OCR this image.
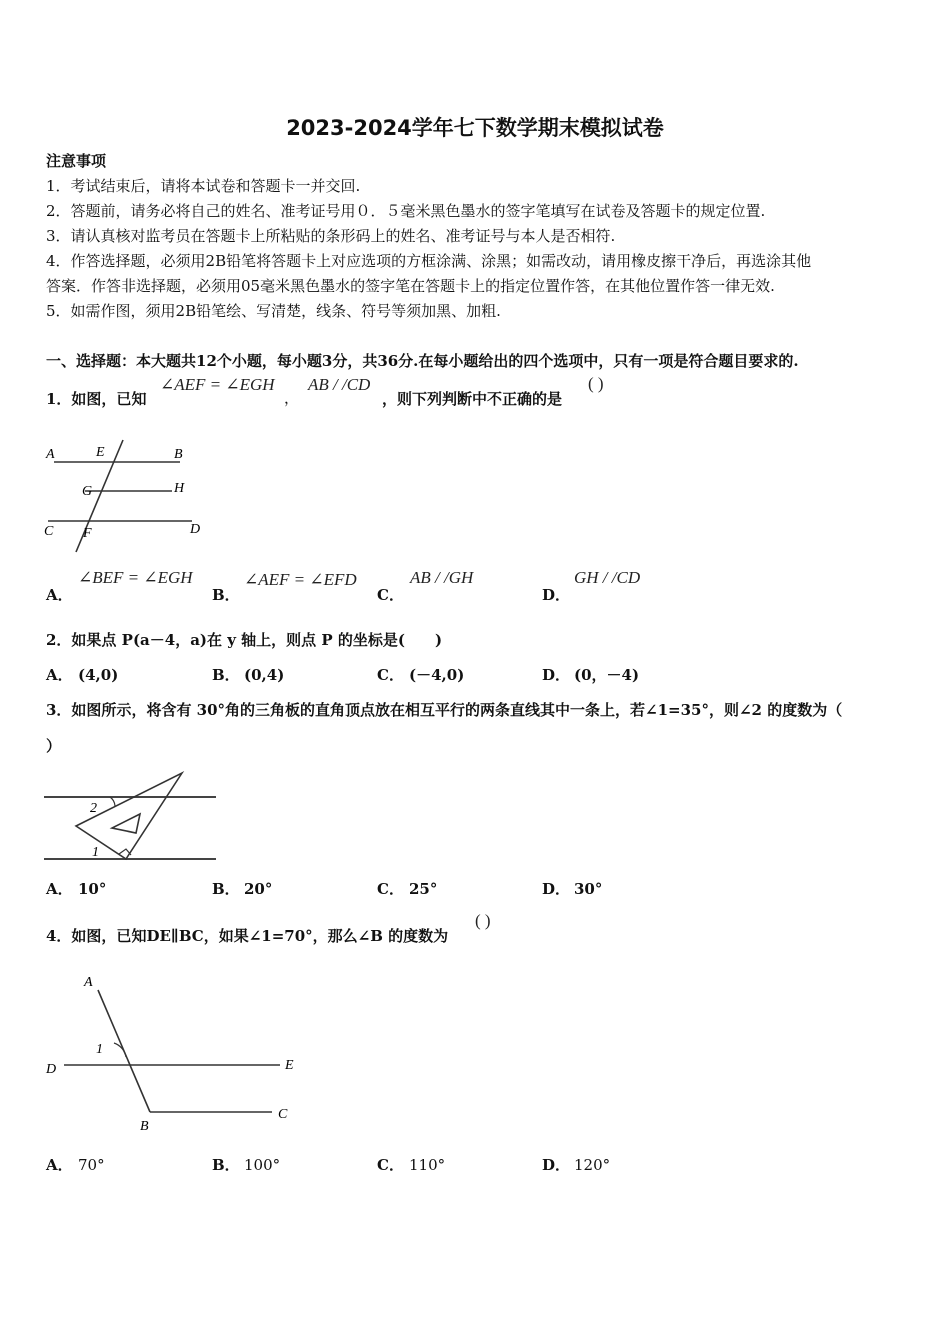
2023-2024学年七下数学期末模拟试卷
注意事项
1．考试结束后，请将本试卷和答题卡一并交回.
2．答题前，请务必将自己的姓名、准考证号用０．５毫米黑色墨水的签字笔填写在试卷及答题卡的规定位置.
3．请认真核对监考员在答题卡上所粘贴的条形码上的姓名、准考证号与本人是否相符.
4．作答选择题，必须用2B铅笔将答题卡上对应选项的方框涂满、涂黑；如需改动，请用橡皮擦干净后，再选涂其他
答案．作答非选择题，必须用05毫米黑色墨水的签字笔在答题卡上的指定位置作答，在其他位置作答一律无效.
5．如需作图，须用2B铅笔绘、写清楚，线条、符号等须加黑、加粗.
一、选择题：本大题共12个小题，每小题3分，共36分.在每小题给出的四个选项中，只有一项是符合题目要求的.
1．如图，已知
∠AEF = ∠EGH
，
AB / /CD
，则下列判断中不正确的是
( )
A	E	B
G	H
C F	D
A．
∠BEF = ∠EGH
B．
∠AEF = ∠EFD
C．
AB / /GH
D．
GH / /CD
2．如果点 P(a－4，a)在 y 轴上，则点 P 的坐标是(　　)
A． (4,0)	B． (0,4)	C． (－4,0)	D． (0，－4)
3．如图所示，将含有 30°角的三角板的直角顶点放在相互平行的两条直线其中一条上，若∠1=35°，则∠2 的度数为（
）
2
1
A． 10°	B． 20°	C． 25°	D． 30°
4．如图，已知DE∥BC，如果∠1=70°，那么∠B 的度数为
( )
A
1
D	E
B
C
A． 70°	B． 100°	C． 110°	D． 120°
